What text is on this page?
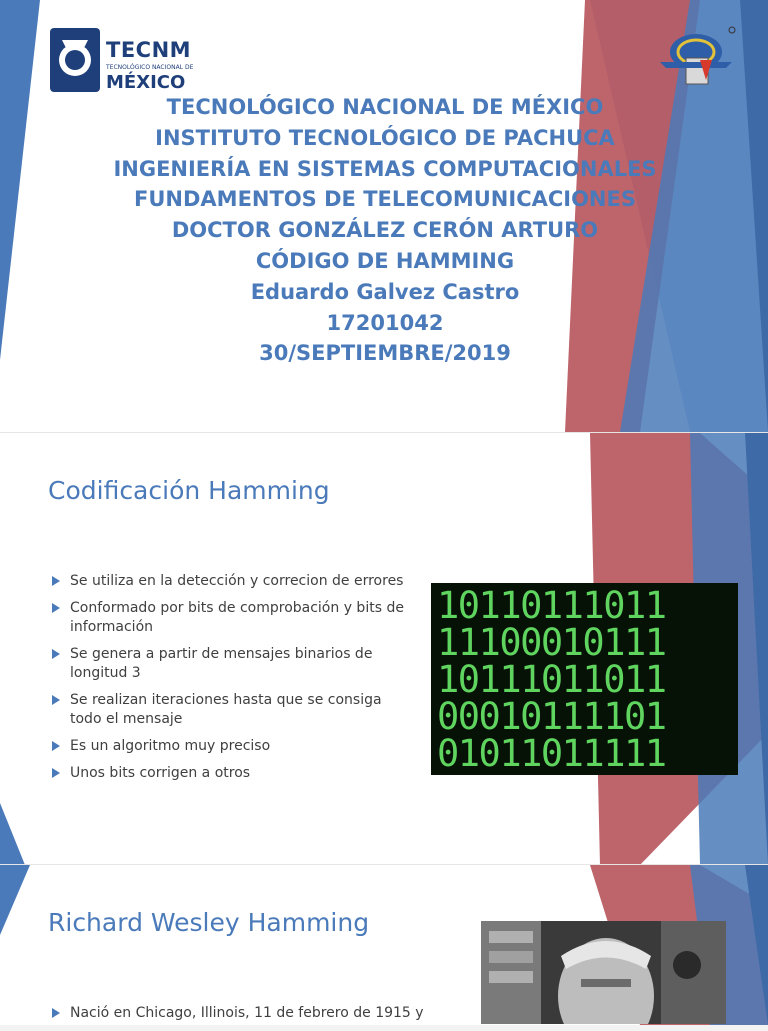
TECNM
TECNOLÓGICO NACIONAL DE
MÉXICO
TECNOLÓGICO NACIONAL DE MÉXICO
INSTITUTO TECNOLÓGICO DE PACHUCA
INGENIERÍA EN SISTEMAS COMPUTACIONALES
FUNDAMENTOS DE TELECOMUNICACIONES
DOCTOR GONZÁLEZ CERÓN ARTURO
CÓDIGO DE HAMMING
Eduardo Galvez Castro
17201042
30/SEPTIEMBRE/2019
Codificación Hamming
Se utiliza en la detección y correcion de errores
Conformado por bits de comprobación y bits de información
Se genera a partir de mensajes binarios de longitud 3
Se realizan iteraciones hasta que se consiga todo el mensaje
Es un algoritmo muy preciso
Unos bits corrigen a otros
10110111011
11100010111
10111011011
00010111101
01011011111
Richard Wesley Hamming
Nació en Chicago, Illinois, 11 de febrero de 1915 y
